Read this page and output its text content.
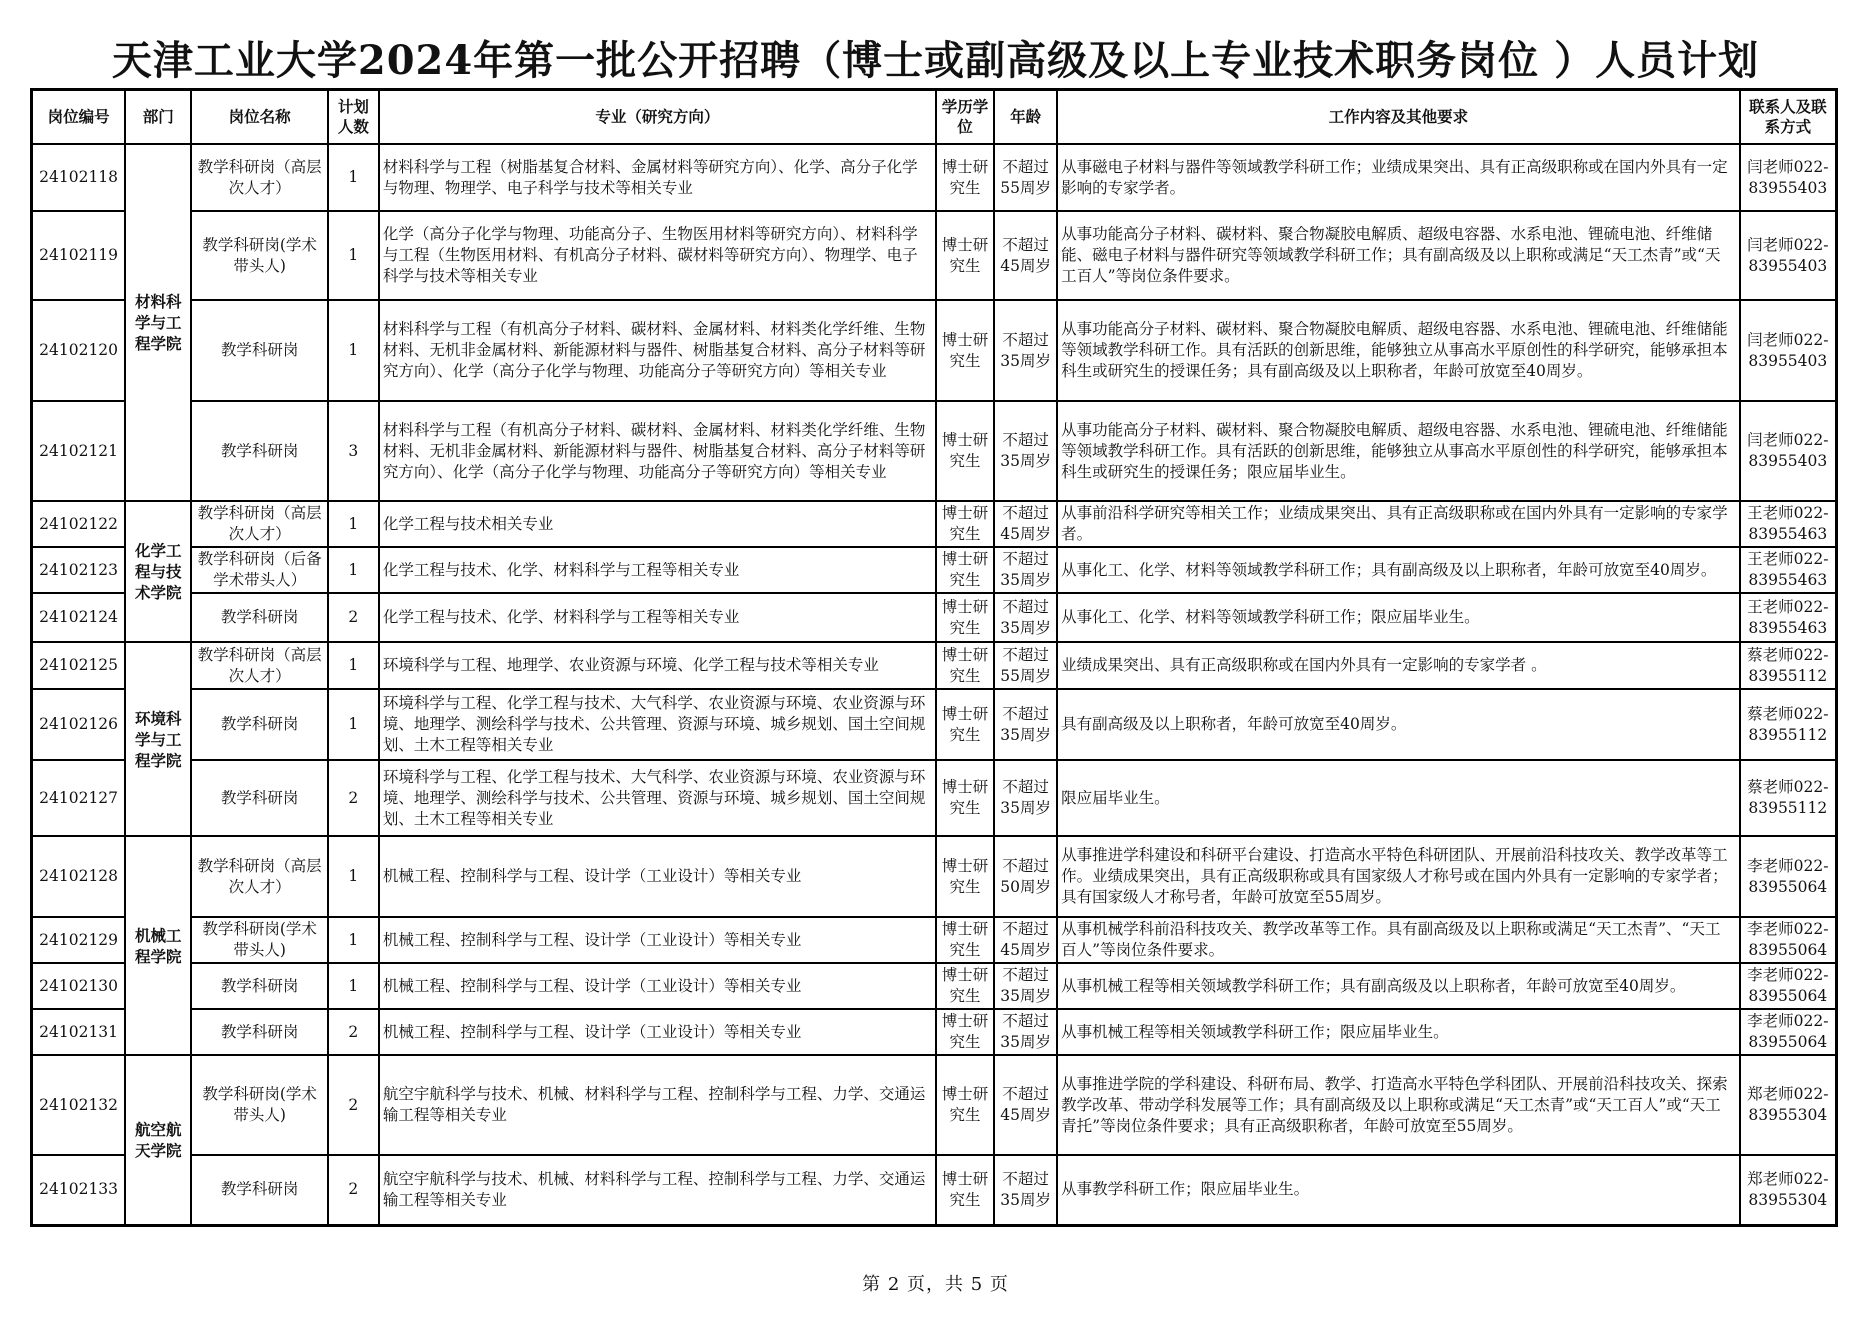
天津工业大学2024年第一批公开招聘（博士或副高级及以上专业技术职务岗位 ）人员计划
岗位编号	部门	岗位名称	计划人数	专业（研究方向）	学历学位	年龄	工作内容及其他要求	联系人及联系方式
24102118	材料科学与工程学院	教学科研岗（高层次人才）	1	材料科学与工程（树脂基复合材料、金属材料等研究方向）、化学、高分子化学与物理、物理学、电子科学与技术等相关专业	博士研究生	不超过55周岁	从事磁电子材料与器件等领域教学科研工作；业绩成果突出、具有正高级职称或在国内外具有一定影响的专家学者。	闫老师022-83955403
24102119		教学科研岗(学术带头人)	1	化学（高分子化学与物理、功能高分子、生物医用材料等研究方向）、材料科学与工程（生物医用材料、有机高分子材料、碳材料等研究方向）、物理学、电子科学与技术等相关专业	博士研究生	不超过45周岁	从事功能高分子材料、碳材料、聚合物凝胶电解质、超级电容器、水系电池、锂硫电池、纤维储能、磁电子材料与器件研究等领域教学科研工作；具有副高级及以上职称或满足“天工杰青”或“天工百人”等岗位条件要求。	闫老师022-83955403
24102120		教学科研岗	1	材料科学与工程（有机高分子材料、碳材料、金属材料、材料类化学纤维、生物材料、无机非金属材料、新能源材料与器件、树脂基复合材料、高分子材料等研究方向）、化学（高分子化学与物理、功能高分子等研究方向）等相关专业	博士研究生	不超过35周岁	从事功能高分子材料、碳材料、聚合物凝胶电解质、超级电容器、水系电池、锂硫电池、纤维储能等领域教学科研工作。具有活跃的创新思维，能够独立从事高水平原创性的科学研究，能够承担本科生或研究生的授课任务；具有副高级及以上职称者，年龄可放宽至40周岁。	闫老师022-83955403
24102121		教学科研岗	3	材料科学与工程（有机高分子材料、碳材料、金属材料、材料类化学纤维、生物材料、无机非金属材料、新能源材料与器件、树脂基复合材料、高分子材料等研究方向）、化学（高分子化学与物理、功能高分子等研究方向）等相关专业	博士研究生	不超过35周岁	从事功能高分子材料、碳材料、聚合物凝胶电解质、超级电容器、水系电池、锂硫电池、纤维储能等领域教学科研工作。具有活跃的创新思维，能够独立从事高水平原创性的科学研究，能够承担本科生或研究生的授课任务；限应届毕业生。	闫老师022-83955403
24102122	化学工程与技术学院	教学科研岗（高层次人才）	1	化学工程与技术相关专业	博士研究生	不超过45周岁	从事前沿科学研究等相关工作；业绩成果突出、具有正高级职称或在国内外具有一定影响的专家学者。	王老师022-83955463
24102123		教学科研岗（后备学术带头人）	1	化学工程与技术、化学、材料科学与工程等相关专业	博士研究生	不超过35周岁	从事化工、化学、材料等领域教学科研工作；具有副高级及以上职称者，年龄可放宽至40周岁。	王老师022-83955463
24102124		教学科研岗	2	化学工程与技术、化学、材料科学与工程等相关专业	博士研究生	不超过35周岁	从事化工、化学、材料等领域教学科研工作；限应届毕业生。	王老师022-83955463
24102125	环境科学与工程学院	教学科研岗（高层次人才）	1	环境科学与工程、地理学、农业资源与环境、化学工程与技术等相关专业	博士研究生	不超过55周岁	业绩成果突出、具有正高级职称或在国内外具有一定影响的专家学者 。	蔡老师022-83955112
24102126		教学科研岗	1	环境科学与工程、化学工程与技术、大气科学、农业资源与环境、农业资源与环境、地理学、测绘科学与技术、公共管理、资源与环境、城乡规划、国土空间规划、土木工程等相关专业	博士研究生	不超过35周岁	具有副高级及以上职称者，年龄可放宽至40周岁。	蔡老师022-83955112
24102127		教学科研岗	2	环境科学与工程、化学工程与技术、大气科学、农业资源与环境、农业资源与环境、地理学、测绘科学与技术、公共管理、资源与环境、城乡规划、国土空间规划、土木工程等相关专业	博士研究生	不超过35周岁	限应届毕业生。	蔡老师022-83955112
24102128	机械工程学院	教学科研岗（高层次人才）	1	机械工程、控制科学与工程、设计学（工业设计）等相关专业	博士研究生	不超过50周岁	从事推进学科建设和科研平台建设、打造高水平特色科研团队、开展前沿科技攻关、教学改革等工作。业绩成果突出，具有正高级职称或具有国家级人才称号或在国内外具有一定影响的专家学者；具有国家级人才称号者，年龄可放宽至55周岁。	李老师022-83955064
24102129		教学科研岗(学术带头人)	1	机械工程、控制科学与工程、设计学（工业设计）等相关专业	博士研究生	不超过45周岁	从事机械学科前沿科技攻关、教学改革等工作。具有副高级及以上职称或满足“天工杰青”、“天工百人”等岗位条件要求。	李老师022-83955064
24102130		教学科研岗	1	机械工程、控制科学与工程、设计学（工业设计）等相关专业	博士研究生	不超过35周岁	从事机械工程等相关领域教学科研工作；具有副高级及以上职称者，年龄可放宽至40周岁。	李老师022-83955064
24102131		教学科研岗	2	机械工程、控制科学与工程、设计学（工业设计）等相关专业	博士研究生	不超过35周岁	从事机械工程等相关领域教学科研工作；限应届毕业生。	李老师022-83955064
24102132	航空航天学院	教学科研岗(学术带头人)	2	航空宇航科学与技术、机械、材料科学与工程、控制科学与工程、力学、交通运输工程等相关专业	博士研究生	不超过45周岁	从事推进学院的学科建设、科研布局、教学、打造高水平特色学科团队、开展前沿科技攻关、探索教学改革、带动学科发展等工作；具有副高级及以上职称或满足“天工杰青”或“天工百人”或“天工青托”等岗位条件要求；具有正高级职称者，年龄可放宽至55周岁。	郑老师022-83955304
24102133		教学科研岗	2	航空宇航科学与技术、机械、材料科学与工程、控制科学与工程、力学、交通运输工程等相关专业	博士研究生	不超过35周岁	从事教学科研工作；限应届毕业生。	郑老师022-83955304
第 2 页，共 5 页
